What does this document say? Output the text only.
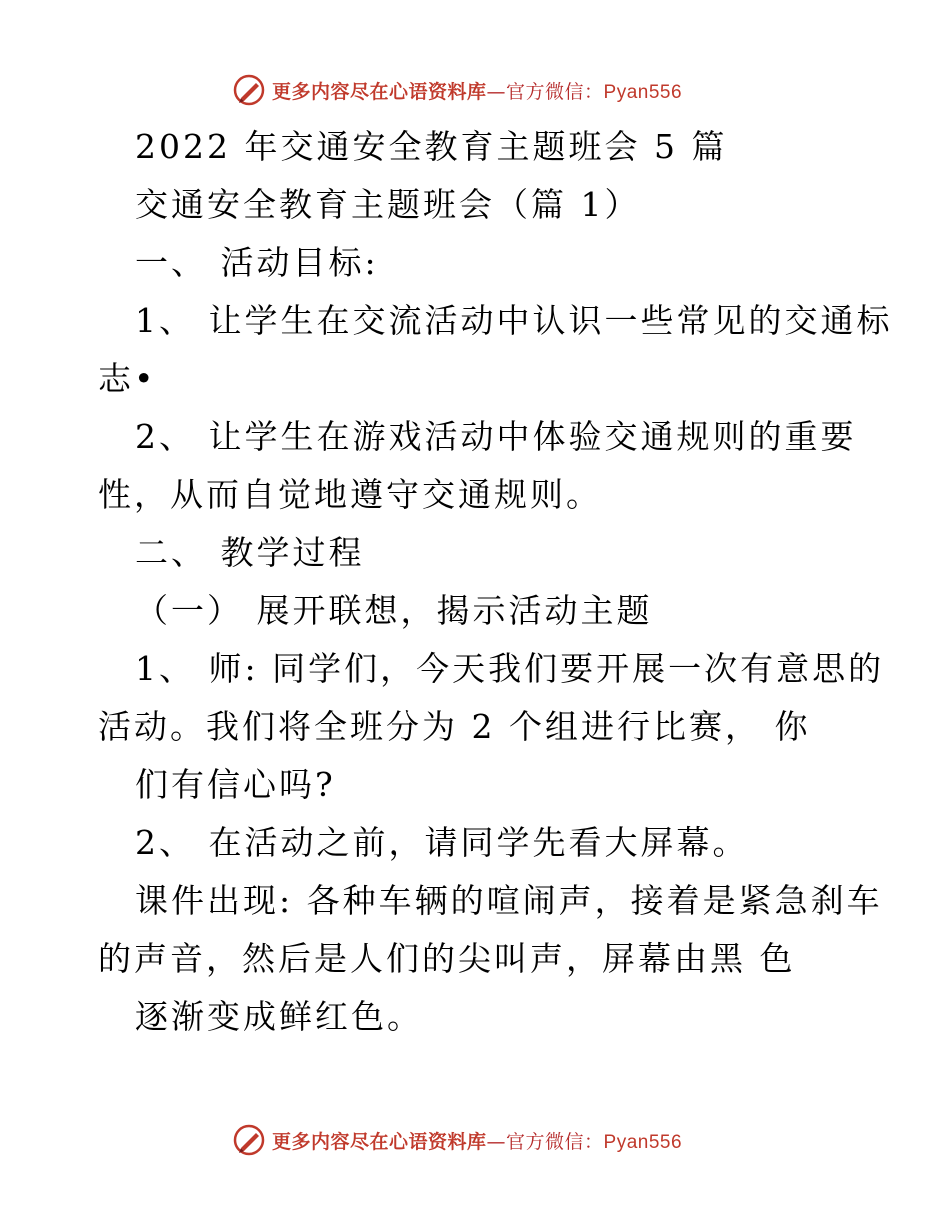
更多内容尽在心语资料库—官方微信：Pyan556
2022 年交通安全教育主题班会 5 篇
交通安全教育主题班会（篇 1）
一、 活动目标:
1、 让学生在交流活动中认识一些常见的交通标
志•
2、 让学生在游戏活动中体验交通规则的重要
性，从而自觉地遵守交通规则。
二、 教学过程
（一） 展开联想，揭示活动主题
1、 师: 同学们，今天我们要开展一次有意思的
活动。我们将全班分为 2 个组进行比赛， 你
们有信心吗?
2、 在活动之前，请同学先看大屏幕。
课件出现: 各种车辆的喧闹声，接着是紧急刹车
的声音，然后是人们的尖叫声，屏幕由黑 色
逐渐变成鲜红色。
更多内容尽在心语资料库—官方微信：Pyan556
